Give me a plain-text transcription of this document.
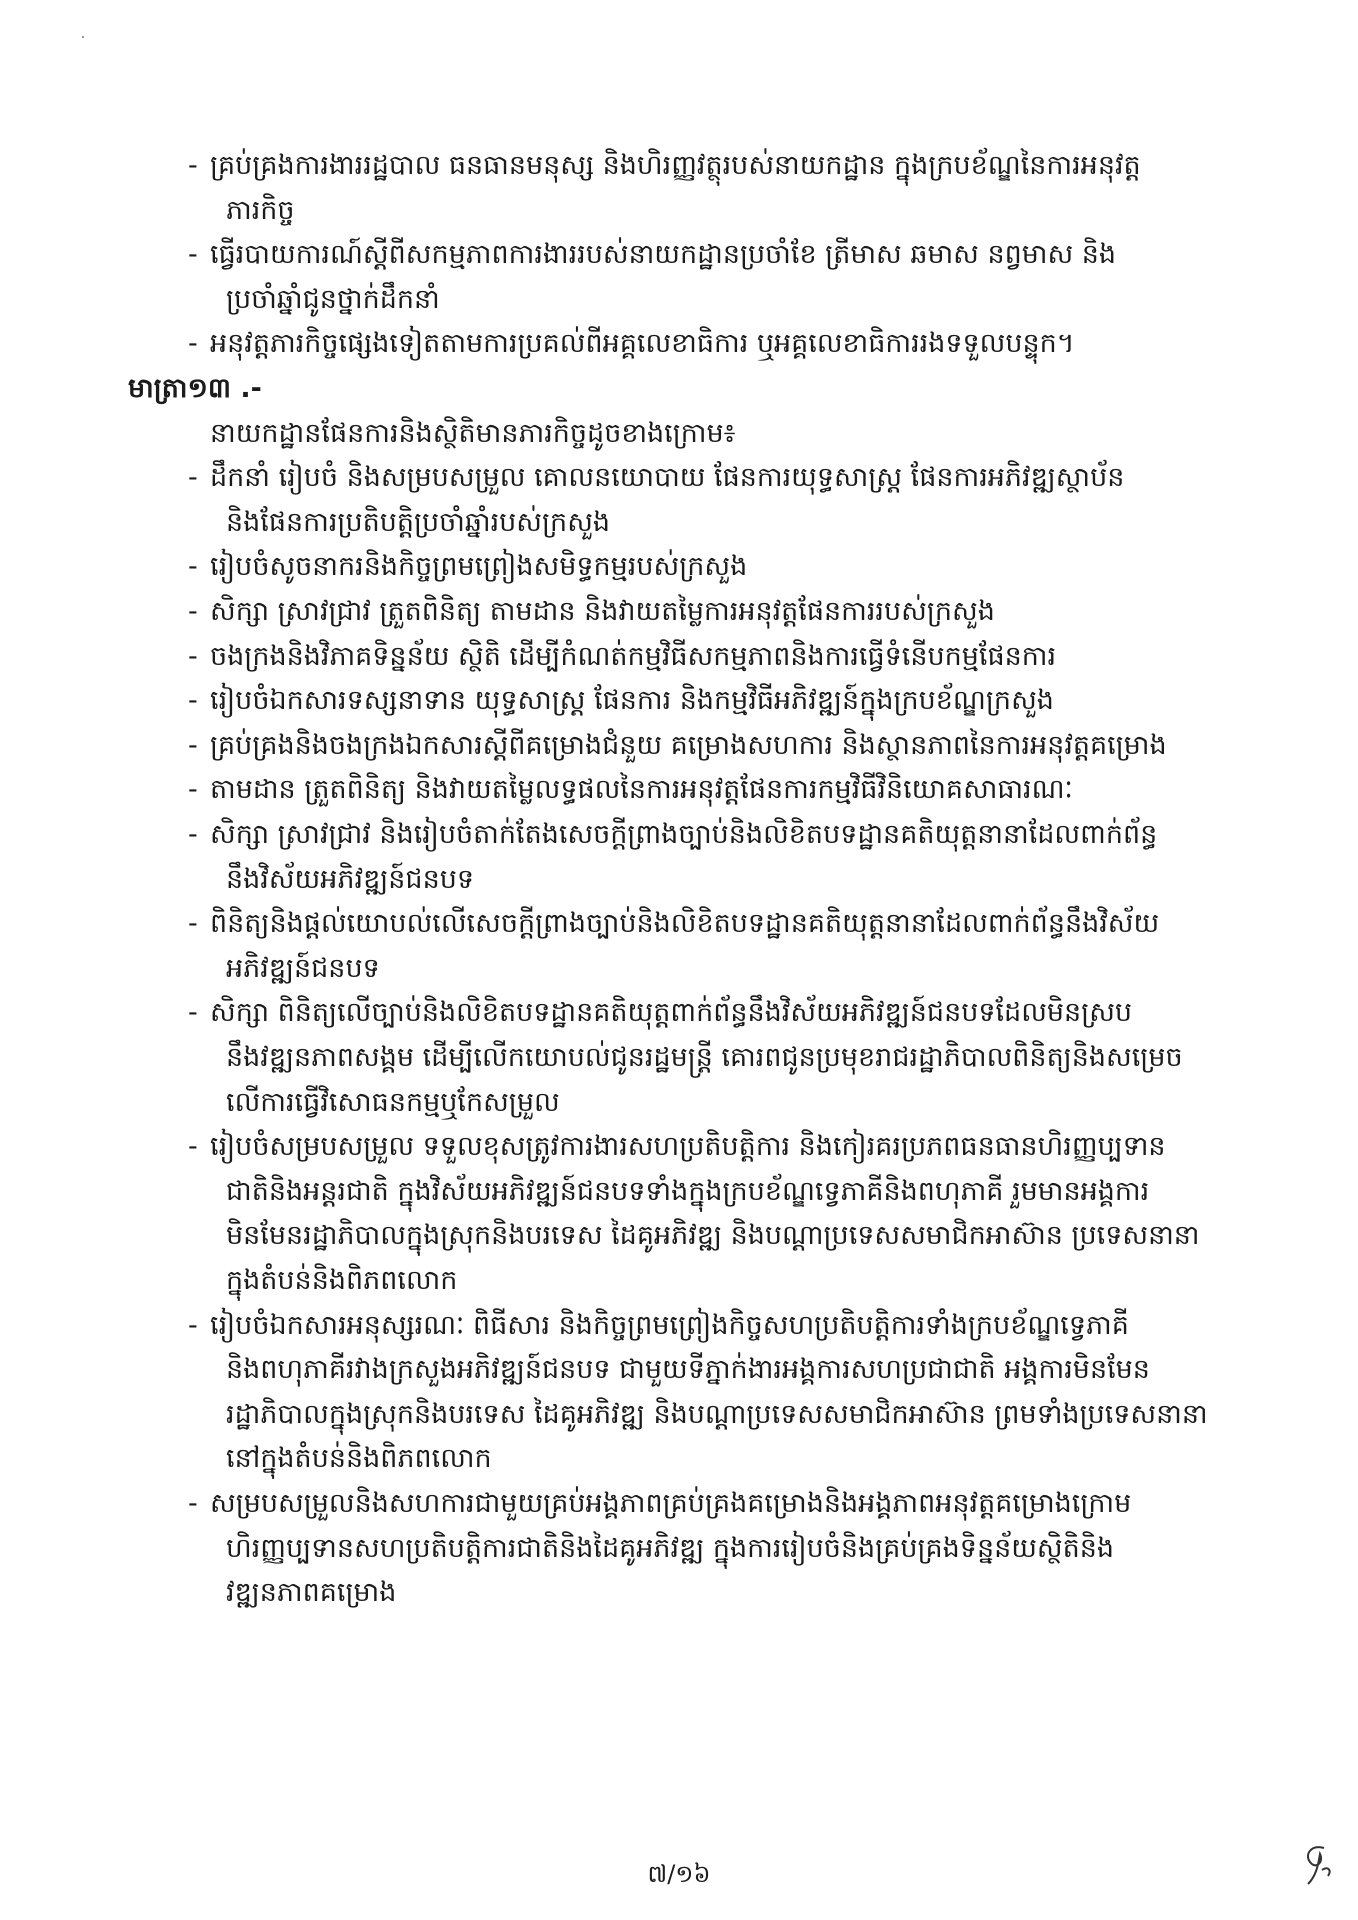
- គ្រប់គ្រងការងាររដ្ឋបាល ធនធានមនុស្ស និងហិរញ្ញវត្ថុរបស់នាយកដ្ឋាន ក្នុងក្របខ័ណ្ឌនៃការអនុវត្ត
ភារកិច្ច
- ធ្វើរបាយការណ៍ស្តីពីសកម្មភាពការងាររបស់នាយកដ្ឋានប្រចាំខែ ត្រីមាស ឆមាស នព្វមាស និង
ប្រចាំឆ្នាំជូនថ្នាក់ដឹកនាំ
- អនុវត្តភារកិច្ចផ្សេងទៀតតាមការប្រគល់ពីអគ្គលេខាធិការ ឬអគ្គលេខាធិការរងទទួលបន្ទុក។
មាត្រា១៣ .-
នាយកដ្ឋានផែនការនិងស្ថិតិមានភារកិច្ចដូចខាងក្រោម៖
- ដឹកនាំ រៀបចំ និងសម្របសម្រួល គោលនយោបាយ ផែនការយុទ្ធសាស្ត្រ ផែនការអភិវឌ្ឍស្ថាប័ន
និងផែនការប្រតិបត្តិប្រចាំឆ្នាំរបស់ក្រសួង
- រៀបចំសូចនាករនិងកិច្ចព្រមព្រៀងសមិទ្ធកម្មរបស់ក្រសួង
- សិក្សា ស្រាវជ្រាវ ត្រួតពិនិត្យ តាមដាន និងវាយតម្លៃការអនុវត្តផែនការរបស់ក្រសួង
- ចងក្រងនិងវិភាគទិន្នន័យ ស្ថិតិ ដើម្បីកំណត់កម្មវិធីសកម្មភាពនិងការធ្វើទំនើបកម្មផែនការ
- រៀបចំឯកសារទស្សនាទាន យុទ្ធសាស្ត្រ ផែនការ និងកម្មវិធីអភិវឌ្ឍន៍ក្នុងក្របខ័ណ្ឌក្រសួង
- គ្រប់គ្រងនិងចងក្រងឯកសារស្តីពីគម្រោងជំនួយ គម្រោងសហការ និងស្ថានភាពនៃការអនុវត្តគម្រោង
- តាមដាន ត្រួតពិនិត្យ និងវាយតម្លៃលទ្ធផលនៃការអនុវត្តផែនការកម្មវិធីវិនិយោគសាធារណៈ
- សិក្សា ស្រាវជ្រាវ និងរៀបចំតាក់តែងសេចក្តីព្រាងច្បាប់និងលិខិតបទដ្ឋានគតិយុត្តនានាដែលពាក់ព័ន្ធ
នឹងវិស័យអភិវឌ្ឍន៍ជនបទ
- ពិនិត្យនិងផ្តល់យោបល់លើសេចក្តីព្រាងច្បាប់និងលិខិតបទដ្ឋានគតិយុត្តនានាដែលពាក់ព័ន្ធនឹងវិស័យ
អភិវឌ្ឍន៍ជនបទ
- សិក្សា ពិនិត្យលើច្បាប់និងលិខិតបទដ្ឋានគតិយុត្តពាក់ព័ន្ធនឹងវិស័យអភិវឌ្ឍន៍ជនបទដែលមិនស្រប
នឹងវឌ្ឍនភាពសង្គម ដើម្បីលើកយោបល់ជូនរដ្ឋមន្ត្រី គោរពជូនប្រមុខរាជរដ្ឋាភិបាលពិនិត្យនិងសម្រេច
លើការធ្វើវិសោធនកម្មឬកែសម្រួល
- រៀបចំសម្របសម្រួល ទទួលខុសត្រូវការងារសហប្រតិបត្តិការ និងកៀរគរប្រភពធនធានហិរញ្ញប្បទាន
ជាតិនិងអន្តរជាតិ ក្នុងវិស័យអភិវឌ្ឍន៍ជនបទទាំងក្នុងក្របខ័ណ្ឌទ្វេភាគីនិងពហុភាគី រួមមានអង្គការ
មិនមែនរដ្ឋាភិបាលក្នុងស្រុកនិងបរទេស ដៃគូអភិវឌ្ឍ និងបណ្តាប្រទេសសមាជិកអាស៊ាន ប្រទេសនានា
ក្នុងតំបន់និងពិភពលោក
- រៀបចំឯកសារអនុស្សរណៈ ពិធីសារ និងកិច្ចព្រមព្រៀងកិច្ចសហប្រតិបត្តិការទាំងក្របខ័ណ្ឌទ្វេភាគី
និងពហុភាគីរវាងក្រសួងអភិវឌ្ឍន៍ជនបទ ជាមួយទីភ្នាក់ងារអង្គការសហប្រជាជាតិ អង្គការមិនមែន
រដ្ឋាភិបាលក្នុងស្រុកនិងបរទេស ដៃគូអភិវឌ្ឍ និងបណ្តាប្រទេសសមាជិកអាស៊ាន ព្រមទាំងប្រទេសនានា
នៅក្នុងតំបន់និងពិភពលោក
- សម្របសម្រួលនិងសហការជាមួយគ្រប់អង្គភាពគ្រប់គ្រងគម្រោងនិងអង្គភាពអនុវត្តគម្រោងក្រោម
ហិរញ្ញប្បទានសហប្រតិបត្តិការជាតិនិងដៃគូអភិវឌ្ឍ ក្នុងការរៀបចំនិងគ្រប់គ្រងទិន្នន័យស្ថិតិនិង
វឌ្ឍនភាពគម្រោង
៧/១៦
